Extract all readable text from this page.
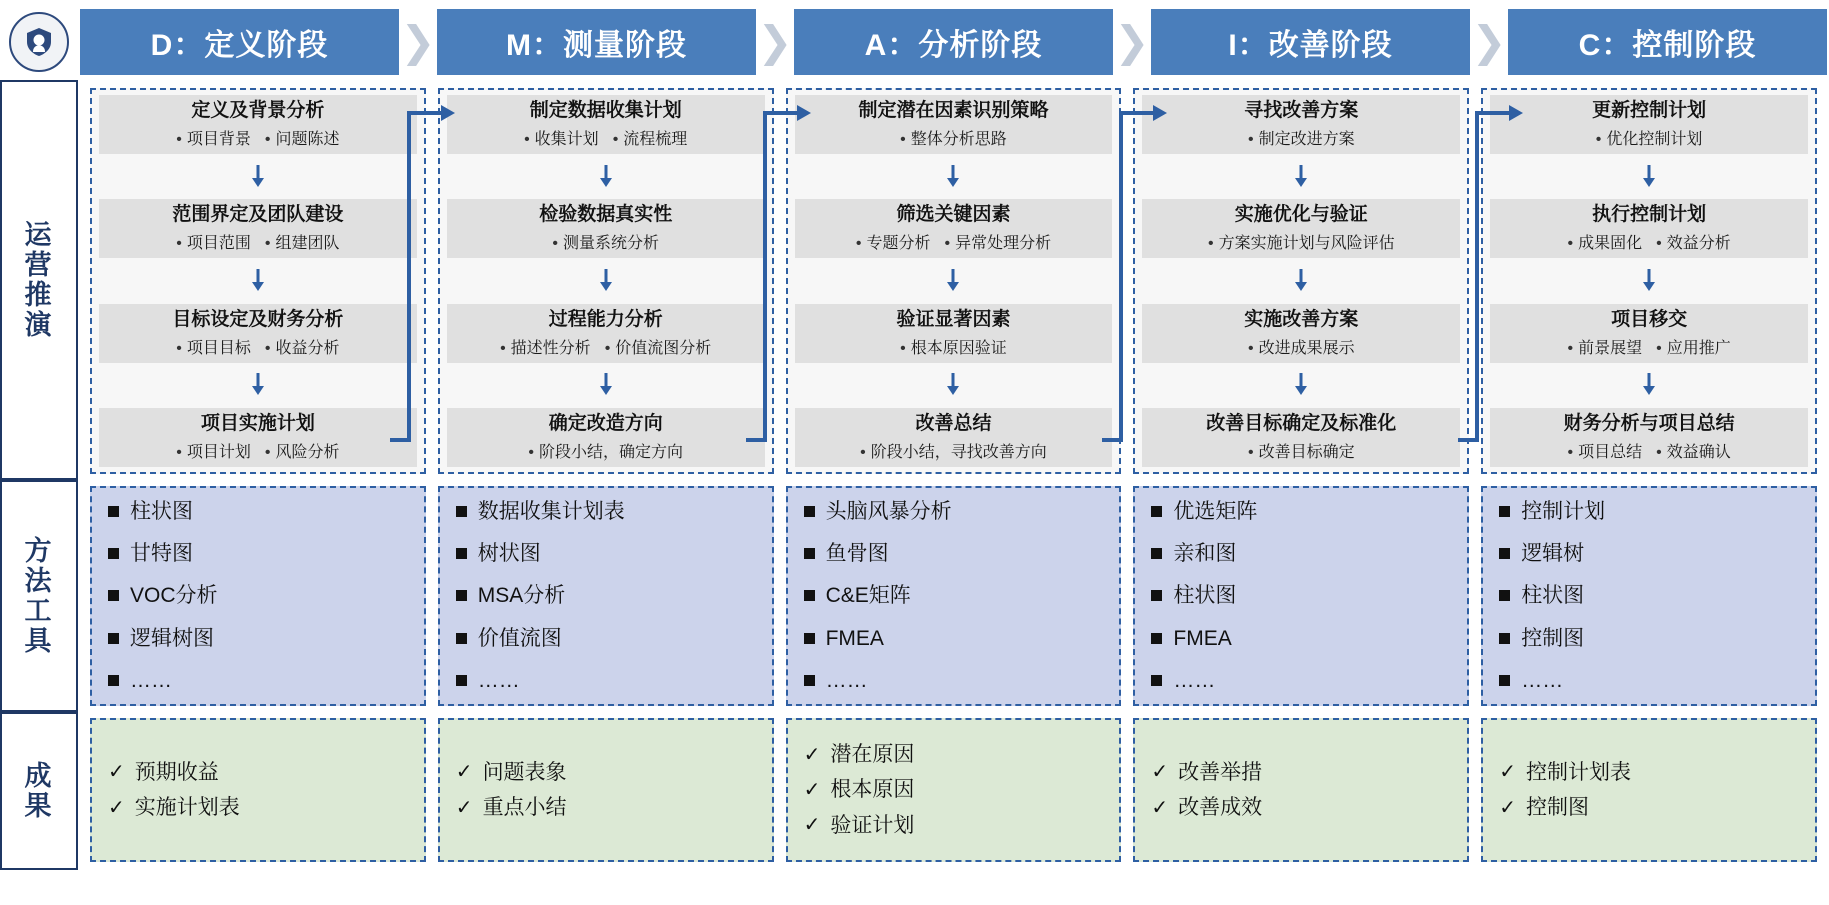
D：定义阶段	❯	M：测量阶段	❯	A：分析阶段	❯	I：改善阶段	❯	C：控制阶段
运营推演
定义及背景分析
• 项目背景	• 问题陈述
范围界定及团队建设
• 项目范围	• 组建团队
目标设定及财务分析
• 项目目标	• 收益分析
项目实施计划
• 项目计划	• 风险分析
制定数据收集计划
• 收集计划	• 流程梳理
检验数据真实性
• 测量系统分析
过程能力分析
• 描述性分析	• 价值流图分析
确定改造方向
• 阶段小结，确定方向
制定潜在因素识别策略
• 整体分析思路
筛选关键因素
• 专题分析	• 异常处理分析
验证显著因素
• 根本原因验证
改善总结
• 阶段小结，寻找改善方向
寻找改善方案
• 制定改进方案
实施优化与验证
• 方案实施计划与风险评估
实施改善方案
• 改进成果展示
改善目标确定及标准化
• 改善目标确定
更新控制计划
• 优化控制计划
执行控制计划
• 成果固化	• 效益分析
项目移交
• 前景展望	• 应用推广
财务分析与项目总结
• 项目总结	• 效益确认
方法工具
柱状图
甘特图
VOC分析
逻辑树图
……
数据收集计划表
树状图
MSA分析
价值流图
……
头脑风暴分析
鱼骨图
C&E矩阵
FMEA
……
优选矩阵
亲和图
柱状图
FMEA
……
控制计划
逻辑树
柱状图
控制图
……
成果
✓ 预期收益
✓ 实施计划表
✓ 问题表象
✓ 重点小结
✓ 潜在原因
✓ 根本原因
✓ 验证计划
✓ 改善举措
✓ 改善成效
✓ 控制计划表
✓ 控制图
